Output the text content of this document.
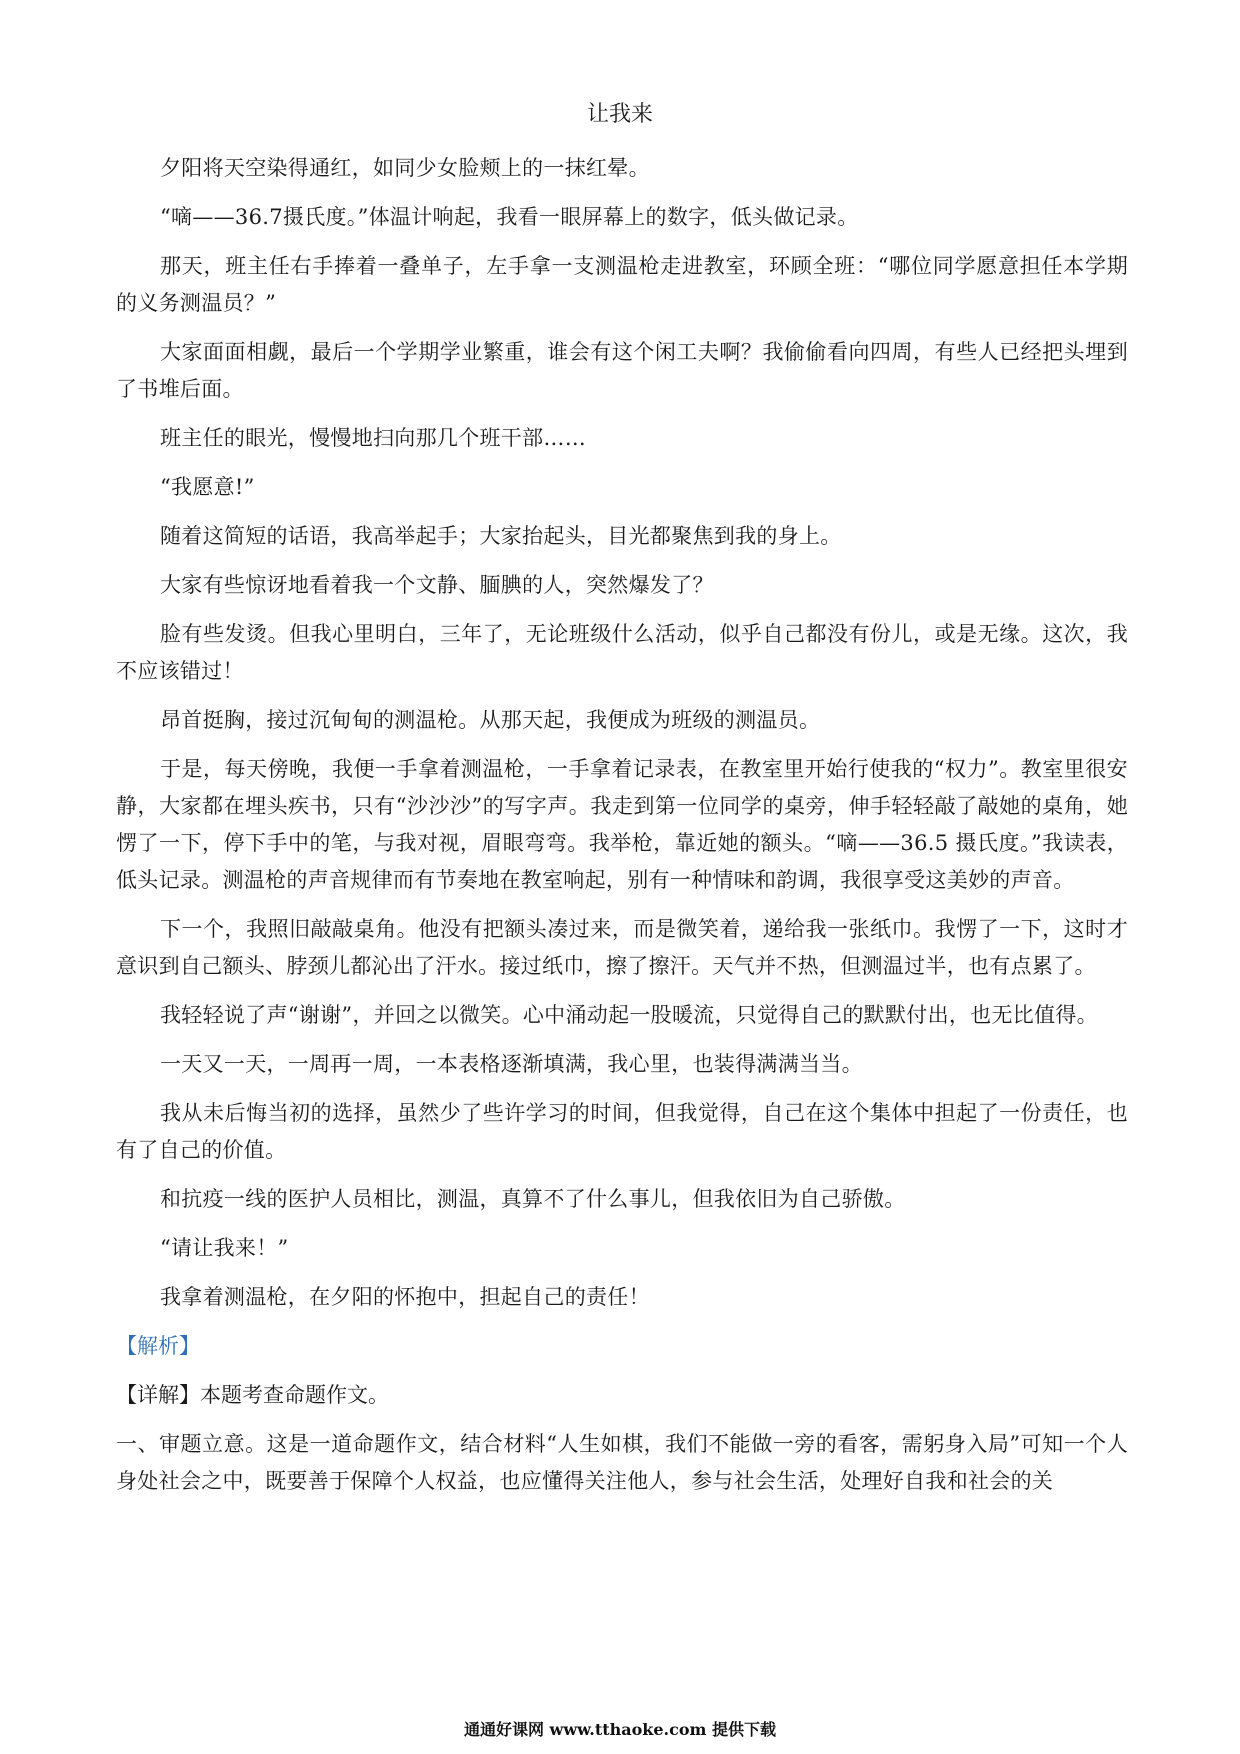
让我来

夕阳将天空染得通红，如同少女脸颊上的一抹红晕。

“嘀——36.7摄氏度。”体温计响起，我看一眼屏幕上的数字，低头做记录。

那天，班主任右手捧着一叠单子，左手拿一支测温枪走进教室，环顾全班：“哪位同学愿意担任本学期的义务测温员？”

大家面面相觑，最后一个学期学业繁重，谁会有这个闲工夫啊？我偷偷看向四周，有些人已经把头埋到了书堆后面。

班主任的眼光，慢慢地扫向那几个班干部……

“我愿意!”

随着这简短的话语，我高举起手；大家抬起头，目光都聚焦到我的身上。

大家有些惊讶地看着我一个文静、腼腆的人，突然爆发了？

脸有些发烫。但我心里明白，三年了，无论班级什么活动，似乎自己都没有份儿，或是无缘。这次，我不应该错过！

昂首挺胸，接过沉甸甸的测温枪。从那天起，我便成为班级的测温员。

于是，每天傍晚，我便一手拿着测温枪，一手拿着记录表，在教室里开始行使我的“权力”。教室里很安静，大家都在埋头疾书，只有“沙沙沙”的写字声。我走到第一位同学的桌旁，伸手轻轻敲了敲她的桌角，她愣了一下，停下手中的笔，与我对视，眉眼弯弯。我举枪，靠近她的额头。“嘀——36.5 摄氏度。”我读表，低头记录。测温枪的声音规律而有节奏地在教室响起，别有一种情味和韵调，我很享受这美妙的声音。

下一个，我照旧敲敲桌角。他没有把额头凑过来，而是微笑着，递给我一张纸巾。我愣了一下，这时才意识到自己额头、脖颈儿都沁出了汗水。接过纸巾，擦了擦汗。天气并不热，但测温过半，也有点累了。

我轻轻说了声“谢谢”，并回之以微笑。心中涌动起一股暖流，只觉得自己的默默付出，也无比值得。

一天又一天，一周再一周，一本表格逐渐填满，我心里，也装得满满当当。

我从未后悔当初的选择，虽然少了些许学习的时间，但我觉得，自己在这个集体中担起了一份责任，也有了自己的价值。

和抗疫一线的医护人员相比，测温，真算不了什么事儿，但我依旧为自己骄傲。

“请让我来！”

我拿着测温枪，在夕阳的怀抱中，担起自己的责任！

【解析】
【详解】本题考查命题作文。

一、审题立意。这是一道命题作文，结合材料“人生如棋，我们不能做一旁的看客，需躬身入局”可知一个人身处社会之中，既要善于保障个人权益，也应懂得关注他人，参与社会生活，处理好自我和社会的关

通通好课网 www.tthaoke.com 提供下载
